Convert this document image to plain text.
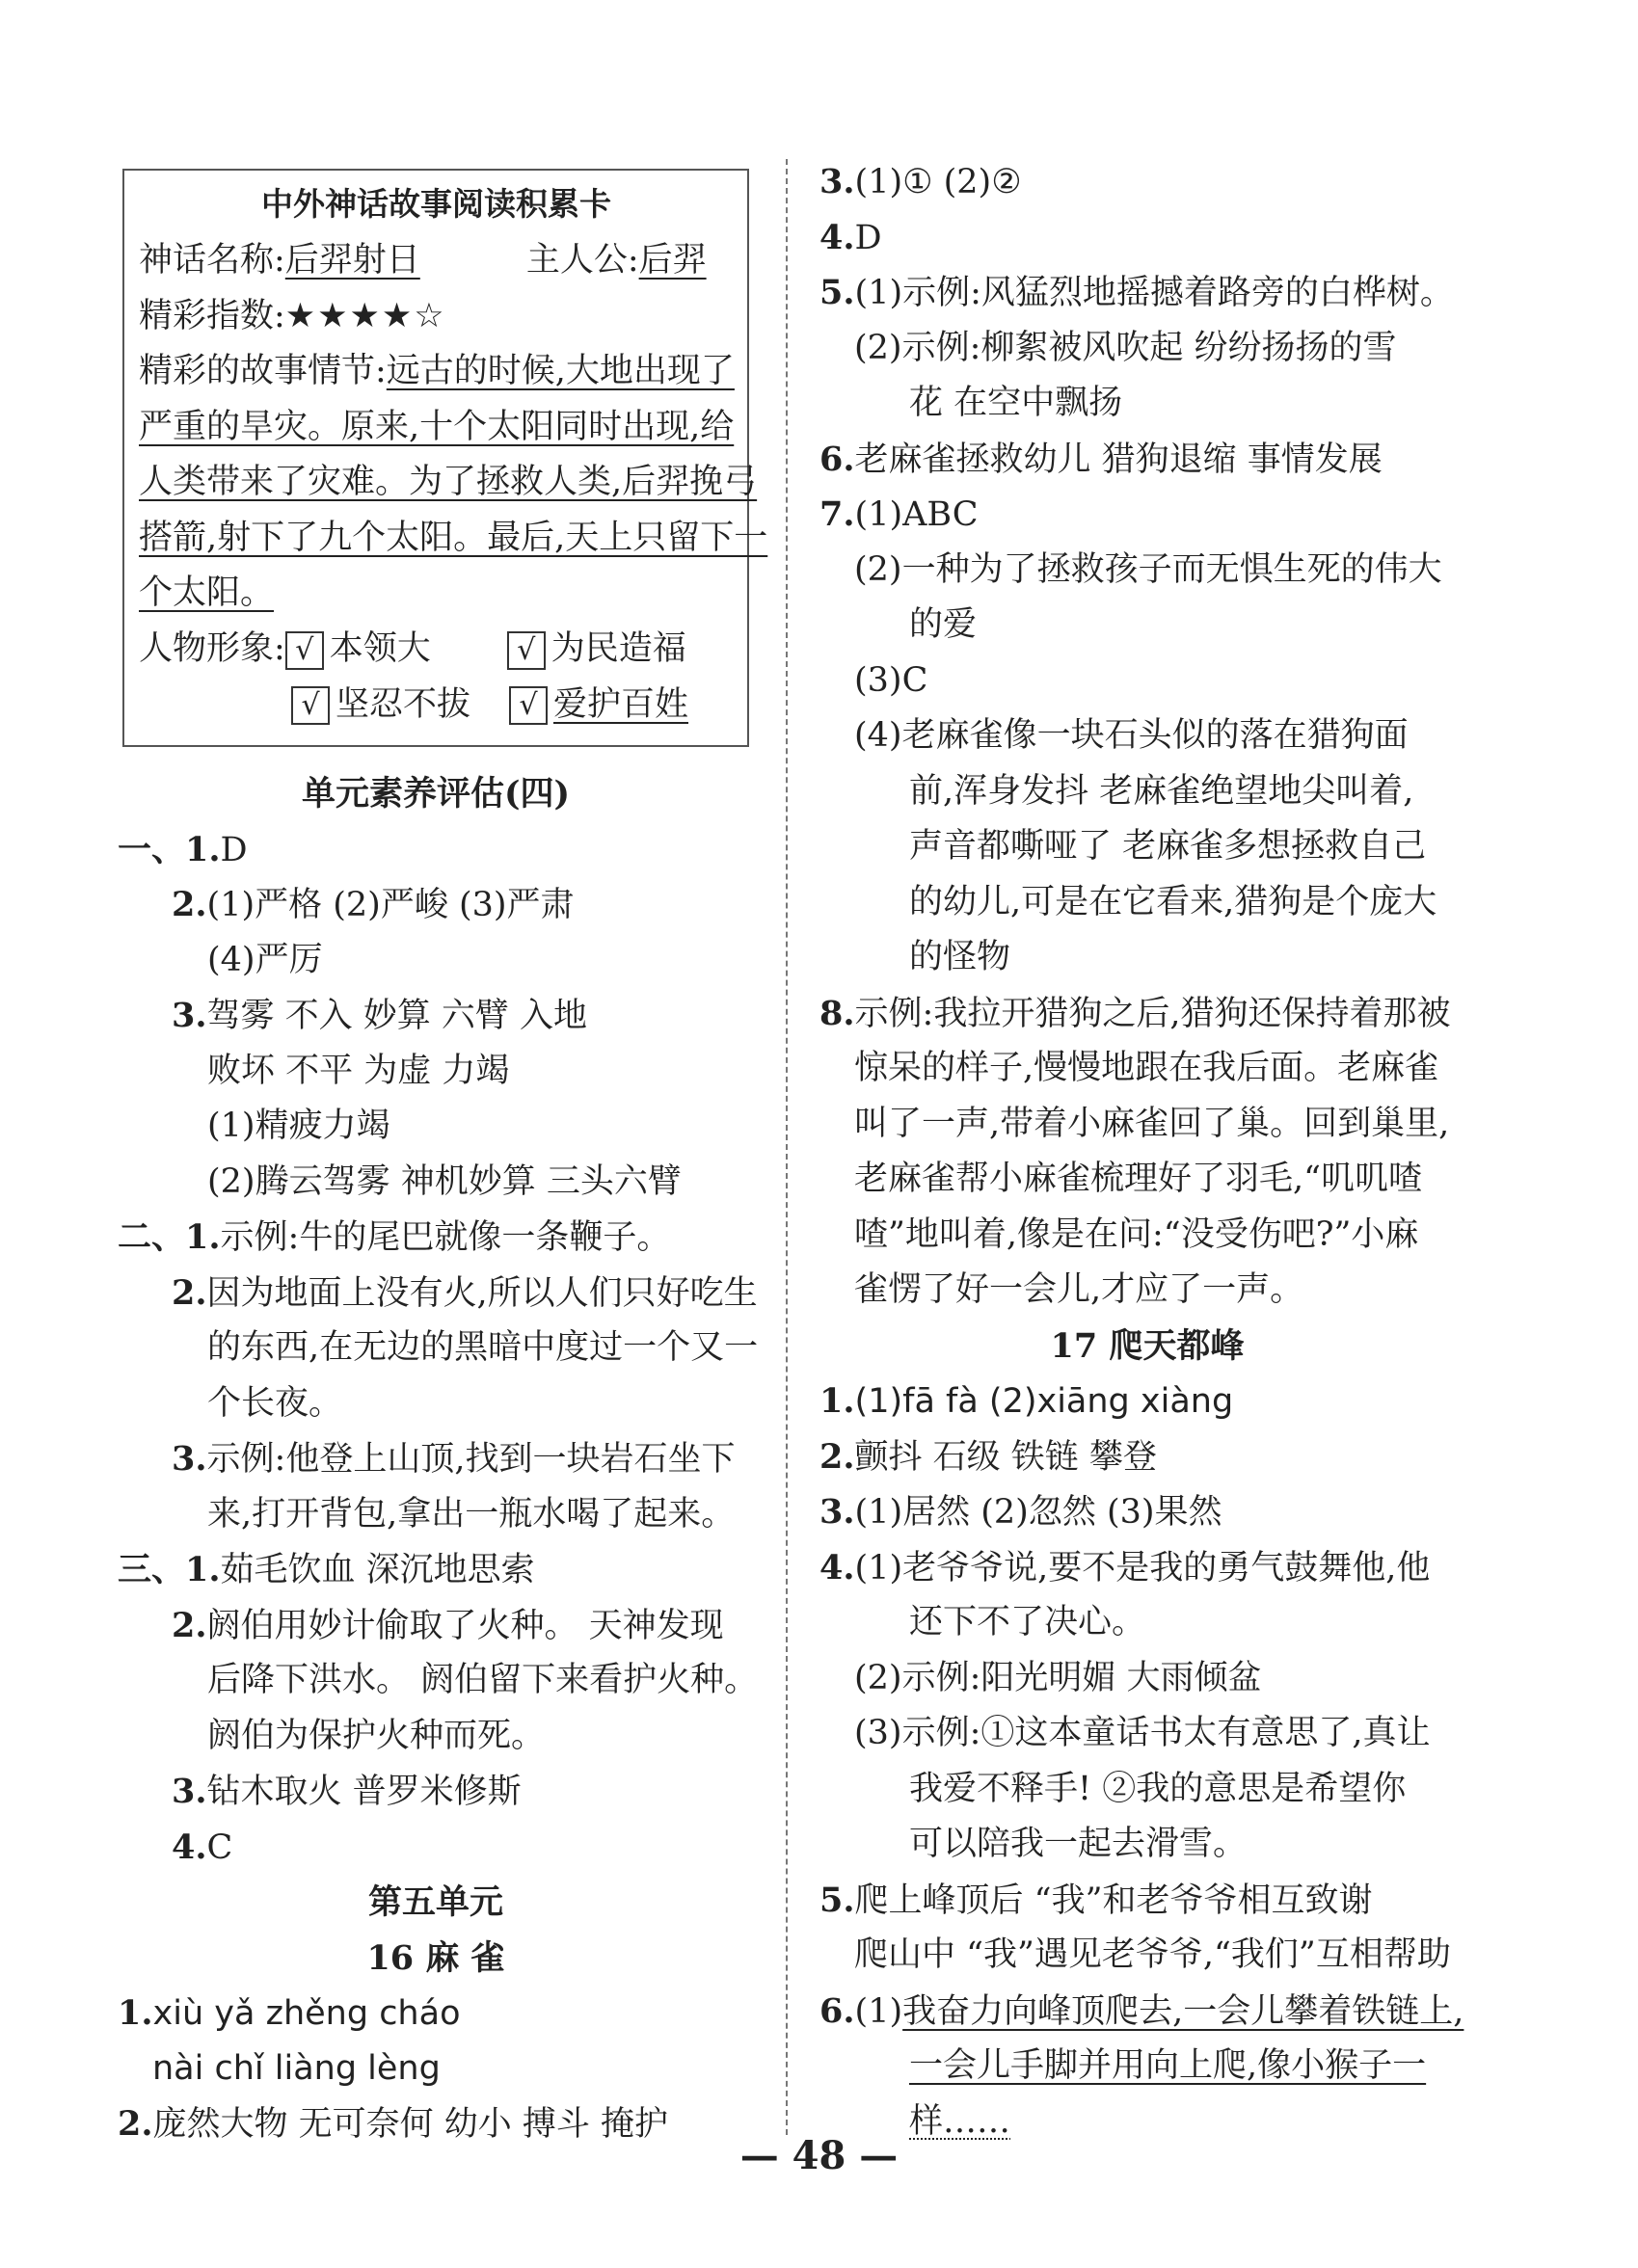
中外神话故事阅读积累卡
神话名称:后羿射日	主人公:后羿
精彩指数:★★★★☆
精彩的故事情节:远古的时候,大地出现了
严重的旱灾。原来,十个太阳同时出现,给
人类带来了灾难。为了拯救人类,后羿挽弓
搭箭,射下了九个太阳。最后,天上只留下一
个太阳。
人物形象: √ 本领大	√ 为民造福
√ 坚忍不拔 √ 爱护百姓
单元素养评估(四)
一、1.D
2.(1)严格 (2)严峻 (3)严肃
(4)严厉
3.驾雾 不入 妙算 六臂 入地
败坏 不平 为虚 力竭
(1)精疲力竭
(2)腾云驾雾 神机妙算 三头六臂
二、1.示例:牛的尾巴就像一条鞭子。
2.因为地面上没有火,所以人们只好吃生
的东西,在无边的黑暗中度过一个又一
个长夜。
3.示例:他登上山顶,找到一块岩石坐下
来,打开背包,拿出一瓶水喝了起来。
三、1.茹毛饮血 深沉地思索
2.阏伯用妙计偷取了火种。 天神发现
后降下洪水。 阏伯留下来看护火种。
阏伯为保护火种而死。
3.钻木取火 普罗米修斯
4.C
第五单元
16 麻 雀
1.xiù yǎ zhěng cháo
nài chǐ liàng lèng
2.庞然大物 无可奈何 幼小 搏斗 掩护
3.(1)① (2)②
4.D
5.(1)示例:风猛烈地摇撼着路旁的白桦树。
(2)示例:柳絮被风吹起 纷纷扬扬的雪
花 在空中飘扬
6.老麻雀拯救幼儿 猎狗退缩 事情发展
7.(1)ABC
(2)一种为了拯救孩子而无惧生死的伟大
的爱
(3)C
(4)老麻雀像一块石头似的落在猎狗面
前,浑身发抖 老麻雀绝望地尖叫着,
声音都嘶哑了 老麻雀多想拯救自己
的幼儿,可是在它看来,猎狗是个庞大
的怪物
8.示例:我拉开猎狗之后,猎狗还保持着那被
惊呆的样子,慢慢地跟在我后面。老麻雀
叫了一声,带着小麻雀回了巢。回到巢里,
老麻雀帮小麻雀梳理好了羽毛,“叽叽喳
喳”地叫着,像是在问:“没受伤吧?”小麻
雀愣了好一会儿,才应了一声。
17 爬天都峰
1.(1)fā fà (2)xiāng xiàng
2.颤抖 石级 铁链 攀登
3.(1)居然 (2)忽然 (3)果然
4.(1)老爷爷说,要不是我的勇气鼓舞他,他
还下不了决心。
(2)示例:阳光明媚 大雨倾盆
(3)示例:①这本童话书太有意思了,真让
我爱不释手! ②我的意思是希望你
可以陪我一起去滑雪。
5.爬上峰顶后 “我”和老爷爷相互致谢
爬山中 “我”遇见老爷爷,“我们”互相帮助
6.(1)我奋力向峰顶爬去,一会儿攀着铁链上,
一会儿手脚并用向上爬,像小猴子一
样……
— 48 —
